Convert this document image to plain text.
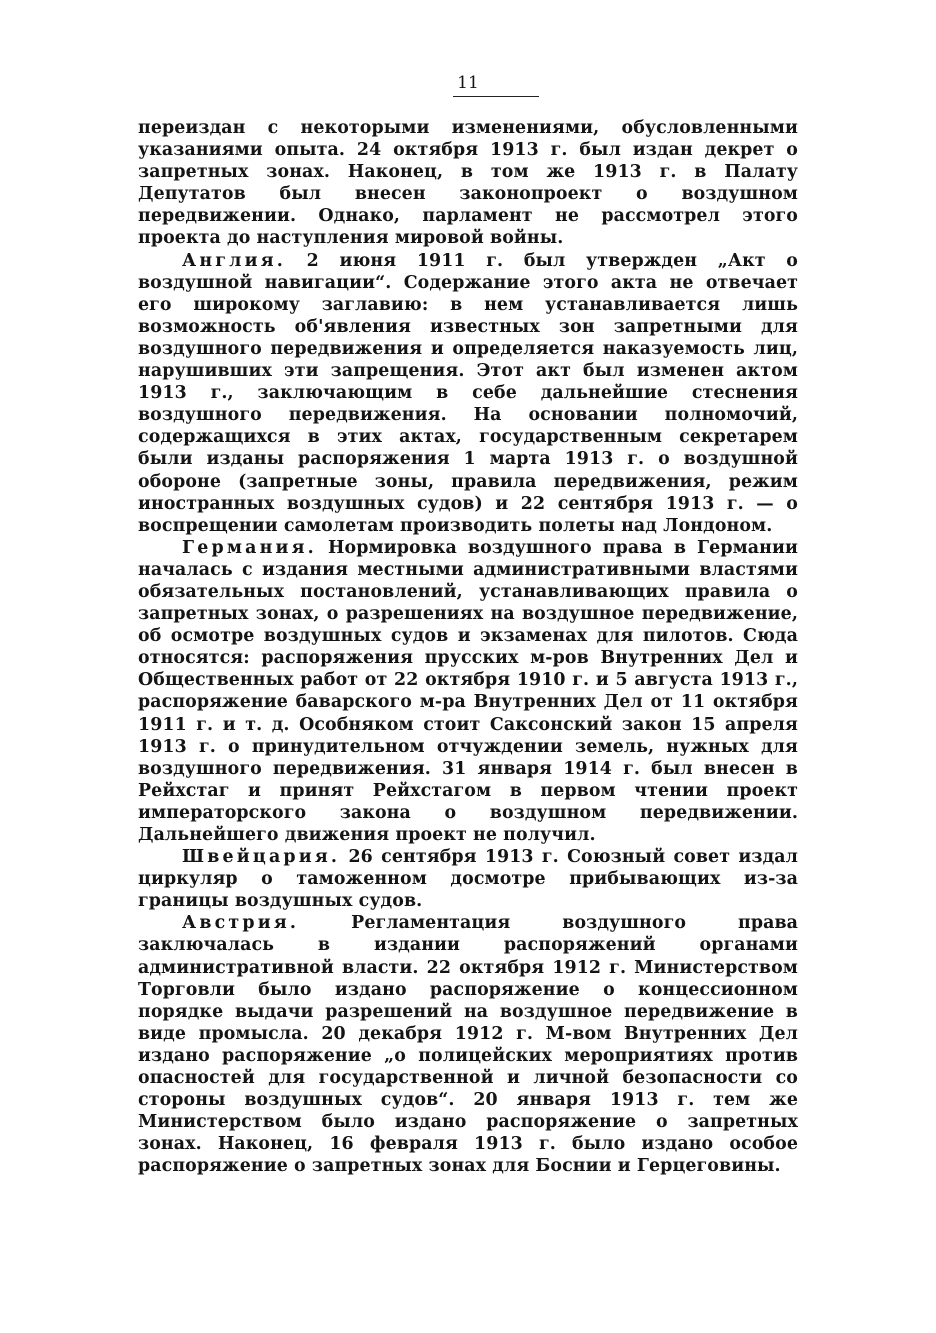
11

переиздан с некоторыми изменениями, обусловленными указаниями опыта. 24 октября 1913 г. был издан декрет о запретных зонах. Наконец, в том же 1913 г. в Палату Депутатов был внесен законопроект о воздушном передвижении. Однако, парламент не рассмотрел этого проекта до наступления мировой войны.

Англия. 2 июня 1911 г. был утвержден „Акт о воздушной навигации“. Содержание этого акта не отвечает его широкому заглавию: в нем устанавливается лишь возможность об'явления известных зон запретными для воздушного передвижения и определяется наказуемость лиц, нарушивших эти запрещения. Этот акт был изменен актом 1913 г., заключающим в себе дальнейшие стеснения воздушного передвижения. На основании полномочий, содержащихся в этих актах, государственным секретарем были изданы распоряжения 1 марта 1913 г. о воздушной обороне (запретные зоны, правила передвижения, режим иностранных воздушных судов) и 22 сентября 1913 г. — о воспрещении самолетам производить полеты над Лондоном.

Германия. Нормировка воздушного права в Германии началась с издания местными административными властями обязательных постановлений, устанавливающих правила о запретных зонах, о разрешениях на воздушное передвижение, об осмотре воздушных судов и экзаменах для пилотов. Сюда относятся: распоряжения прусских м-ров Внутренних Дел и Общественных работ от 22 октября 1910 г. и 5 августа 1913 г., распоряжение баварского м-ра Внутренних Дел от 11 октября 1911 г. и т. д. Особняком стоит Саксонский закон 15 апреля 1913 г. о принудительном отчуждении земель, нужных для воздушного передвижения. 31 января 1914 г. был внесен в Рейхстаг и принят Рейхстагом в первом чтении проект императорского закона о воздушном передвижении. Дальнейшего движения проект не получил.

Швейцария. 26 сентября 1913 г. Союзный совет издал циркуляр о таможенном досмотре прибывающих из-за границы воздушных судов.

Австрия. Регламентация воздушного права заключалась в издании распоряжений органами административной власти. 22 октября 1912 г. Министерством Торговли было издано распоряжение о концессионном порядке выдачи разрешений на воздушное передвижение в виде промысла. 20 декабря 1912 г. М-вом Внутренних Дел издано распоряжение „о полицейских мероприятиях против опасностей для государственной и личной безопасности со стороны воздушных судов“. 20 января 1913 г. тем же Министерством было издано распоряжение о запретных зонах. Наконец, 16 февраля 1913 г. было издано особое распоряжение о запретных зонах для Боснии и Герцеговины.
